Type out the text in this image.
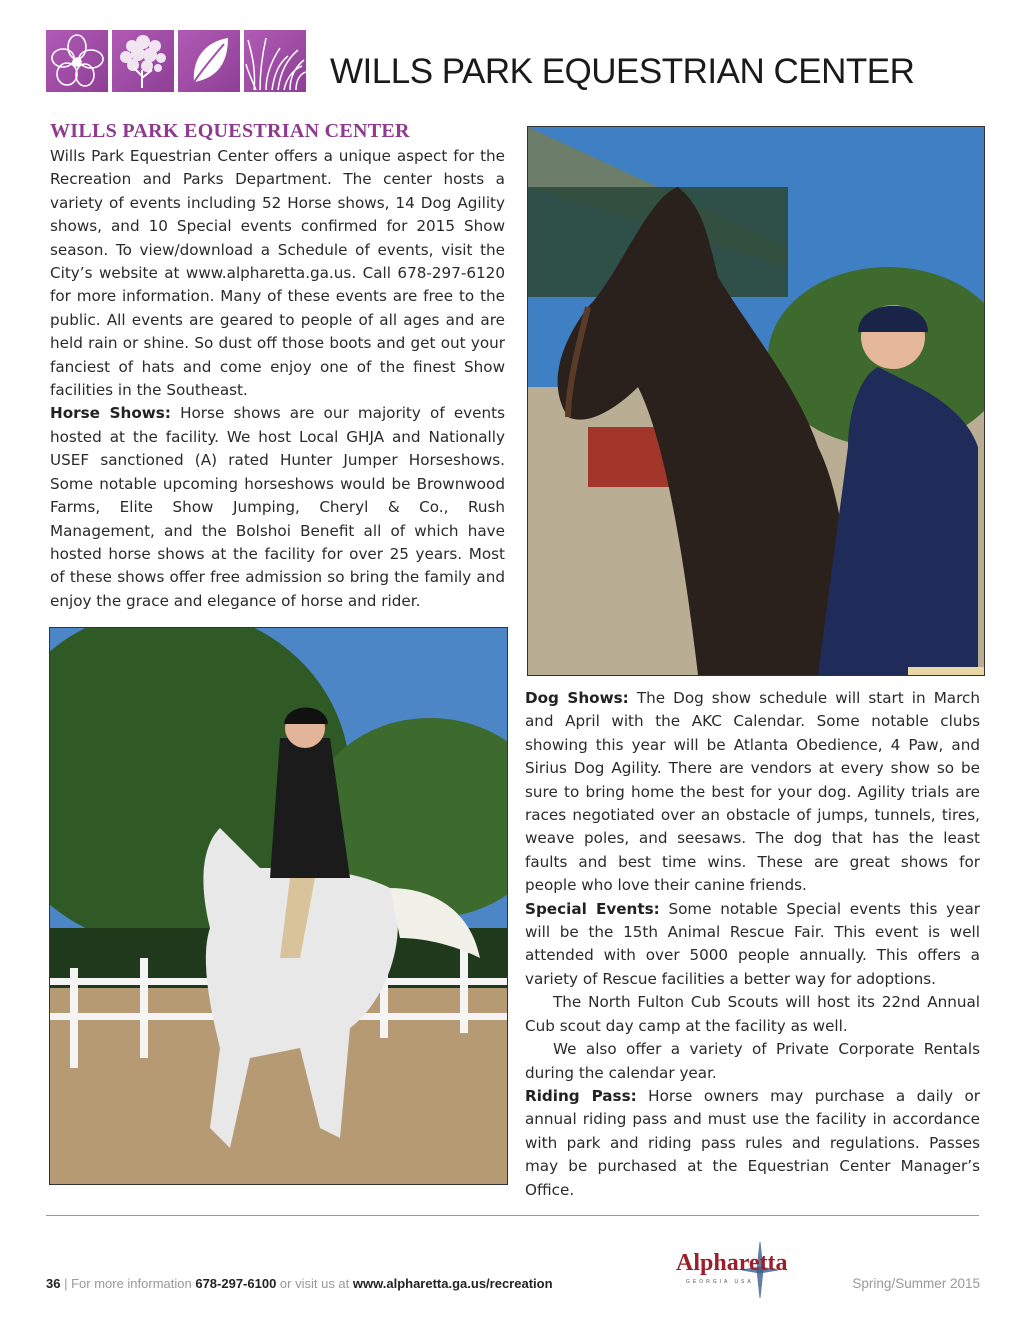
WILLS PARK EQUESTRIAN CENTER
WILLS PARK EQUESTRIAN CENTER

Wills Park Equestrian Center offers a unique aspect for the Recreation and Parks Department. The center hosts a variety of events including 52 Horse shows, 14 Dog Agility shows, and 10 Special events confirmed for 2015 Show season. To view/download a Schedule of events, visit the City’s website at www.alpharetta.ga.us. Call 678-297-6120 for more information. Many of these events are free to the public. All events are geared to people of all ages and are held rain or shine. So dust off those boots and get out your fanciest of hats and come enjoy one of the finest Show facilities in the Southeast.

Horse Shows: Horse shows are our majority of events hosted at the facility. We host Local GHJA and Nationally USEF sanctioned (A) rated Hunter Jumper Horseshows. Some notable upcoming horseshows would be Brownwood Farms, Elite Show Jumping, Cheryl & Co., Rush Management, and the Bolshoi Benefit all of which have hosted horse shows at the facility for over 25 years. Most of these shows offer free admission so bring the family and enjoy the grace and elegance of horse and rider.

Dog Shows: The Dog show schedule will start in March and April with the AKC Calendar. Some notable clubs showing this year will be Atlanta Obedience, 4 Paw, and Sirius Dog Agility. There are vendors at every show so be sure to bring home the best for your dog. Agility trials are races negotiated over an obstacle of jumps, tunnels, tires, weave poles, and seesaws. The dog that has the least faults and best time wins. These are great shows for people who love their canine friends.

Special Events: Some notable Special events this year will be the 15th Animal Rescue Fair. This event is well attended with over 5000 people annually. This offers a variety of Rescue facilities a better way for adoptions.

The North Fulton Cub Scouts will host its 22nd Annual Cub scout day camp at the facility as well.

We also offer a variety of Private Corporate Rentals during the calendar year.

Riding Pass: Horse owners may purchase a daily or annual riding pass and must use the facility in accordance with park and riding pass rules and regulations. Passes may be purchased at the Equestrian Center Manager’s Office.

36 | For more information 678-297-6100 or visit us at www.alpharetta.ga.us/recreation
Alpharetta
GEORGIA USA	Spring/Summer 2015
